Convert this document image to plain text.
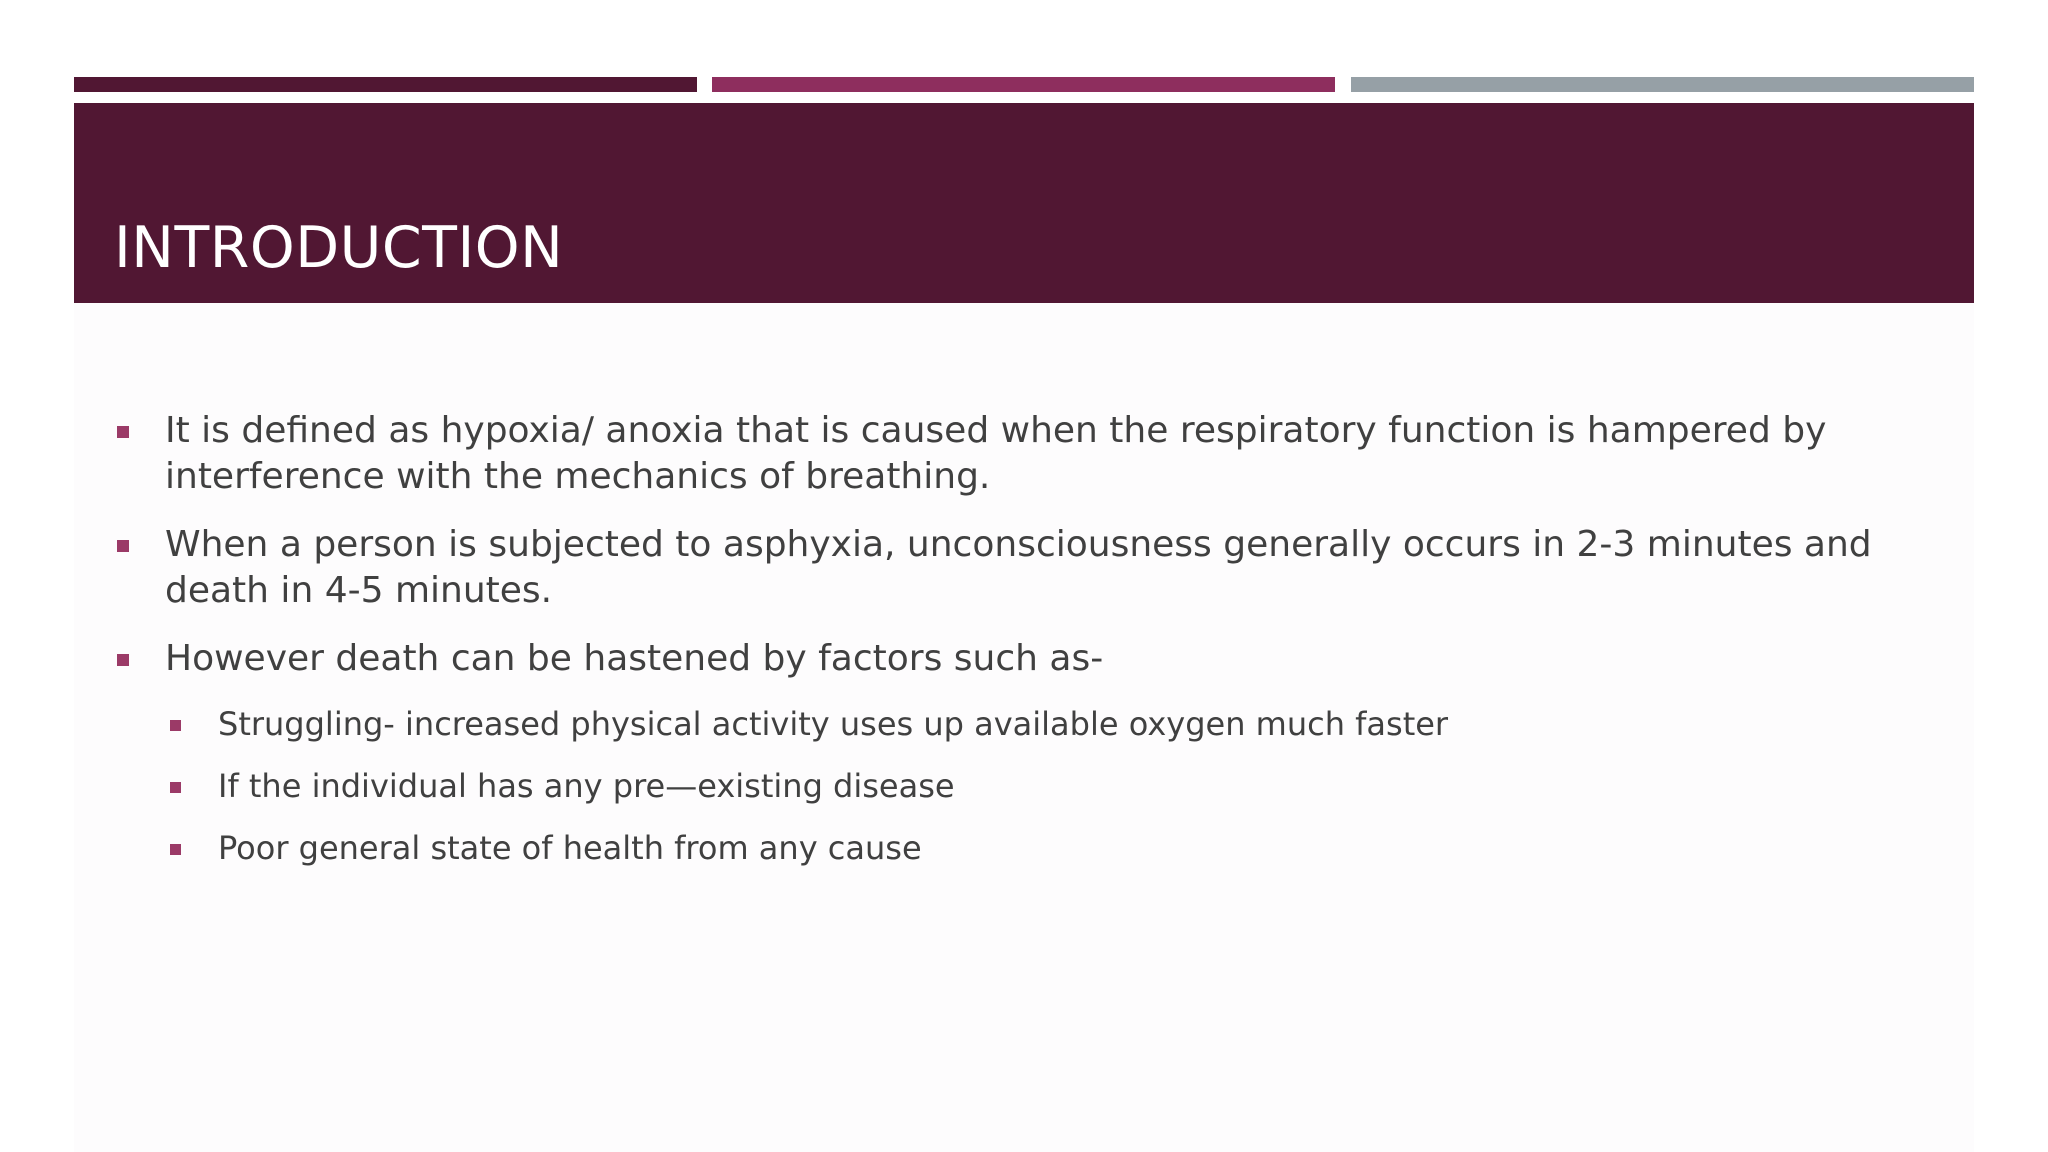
INTRODUCTION
It is defined as hypoxia/ anoxia that is caused when the respiratory function is hampered by interference with the mechanics of breathing.
When a person is subjected to asphyxia, unconsciousness generally occurs in 2-3 minutes and death in 4-5 minutes.
However death can be hastened by factors such as-
Struggling- increased physical activity uses up available oxygen much faster
If the individual has any pre—existing disease
Poor general state of health from any cause
